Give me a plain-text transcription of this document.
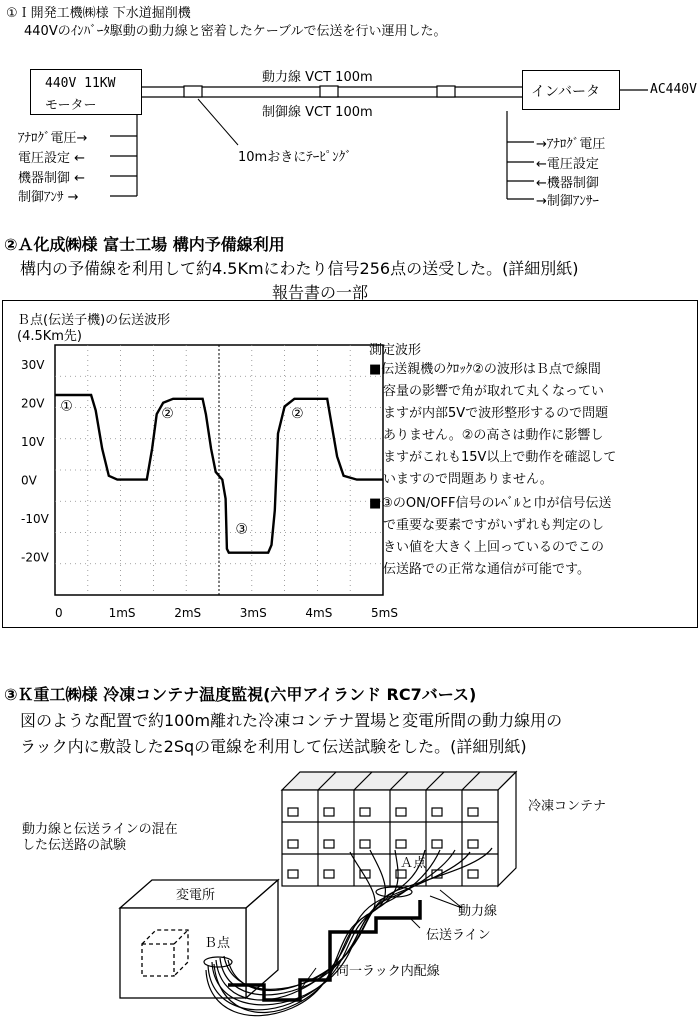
①Ｉ開発工機㈱様 下水道掘削機
440Vのｲﾝﾊﾞｰﾀ駆動の動力線と密着したケーブルで伝送を行い運用した。
440V 11KW
モーター
インバータ	AC440V
動力線 VCT 100m
制御線 VCT 100m
10mおきにﾃｰﾋﾟﾝｸﾞ
ｱﾅﾛｸﾞ電圧→
電圧設定 ←
機器制御 ←
制御ｱﾝｻ →
→ｱﾅﾛｸﾞ電圧
←電圧設定
←機器制御
→制御ｱﾝｻｰ
②Ａ化成㈱様 富士工場 構内予備線利用
構内の予備線を利用して約4.5Kmにわたり信号256点の送受した。(詳細別紙)
報告書の一部
Ｂ点(伝送子機)の伝送波形
(4.5Km先)
30V
20V
10V
0V
-10V
-20V
0	1mS	2mS	3mS	4mS	5mS
①	②	②
③
測定波形
■伝送親機のｸﾛｯｸ②の波形はＢ点で線間
容量の影響で角が取れて丸くなってい
ますが内部5Vで波形整形するので問題
ありません。②の高さは動作に影響し
ますがこれも15V以上で動作を確認して
いますので問題ありません。
■③のON/OFF信号のﾚﾍﾞﾙと巾が信号伝送
で重要な要素ですがいずれも判定のし
きい値を大きく上回っているのでこの
伝送路での正常な通信が可能です。
③Ｋ重工㈱様 冷凍コンテナ温度監視(六甲アイランド RC7バース)
図のような配置で約100m離れた冷凍コンテナ置場と変電所間の動力線用の
ラック内に敷設した2Sqの電線を利用して伝送試験をした。(詳細別紙)
冷凍コンテナ
動力線と伝送ラインの混在
した伝送路の試験
Ａ点
変電所
Ｂ点
動力線
伝送ライン
同一ラック内配線
